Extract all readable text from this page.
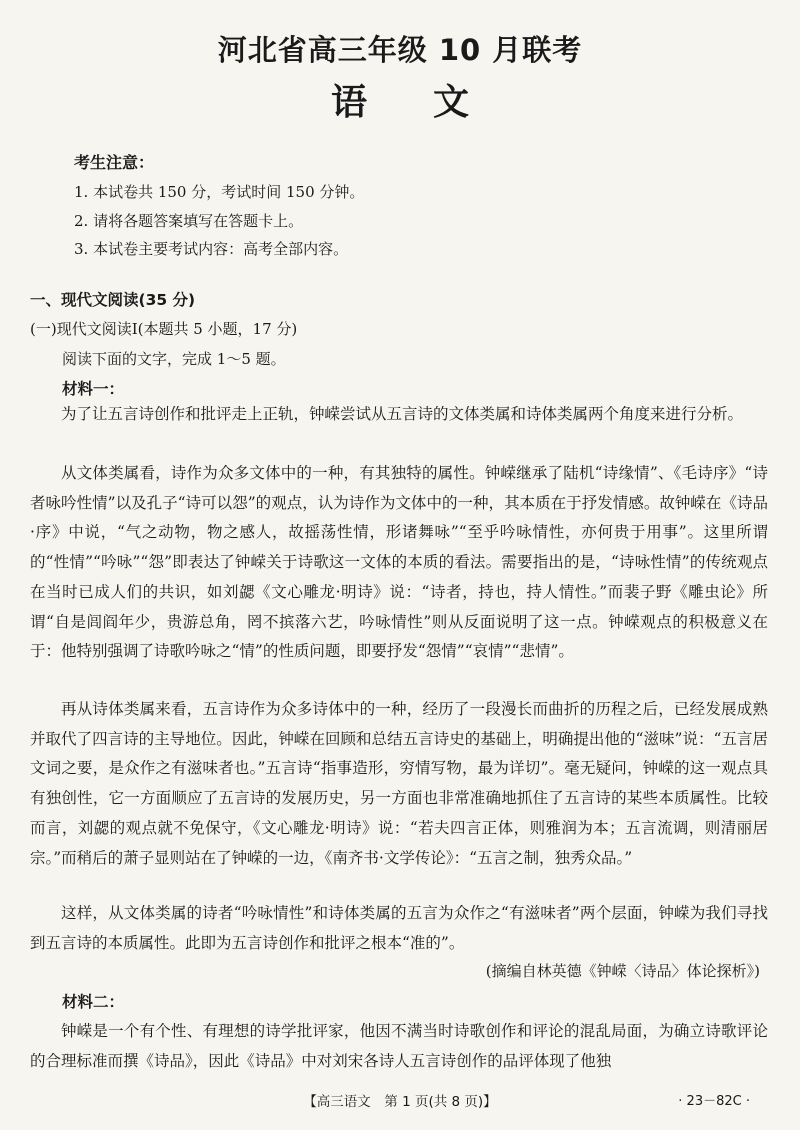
河北省高三年级 10 月联考
语文
考生注意：
1. 本试卷共 150 分，考试时间 150 分钟。
2. 请将各题答案填写在答题卡上。
3. 本试卷主要考试内容：高考全部内容。
一、现代文阅读(35 分)
(一)现代文阅读Ⅰ(本题共 5 小题，17 分)
阅读下面的文字，完成 1～5 题。
材料一：

为了让五言诗创作和批评走上正轨，钟嵘尝试从五言诗的文体类属和诗体类属两个角度来进行分析。

从文体类属看，诗作为众多文体中的一种，有其独特的属性。钟嵘继承了陆机“诗缘情”、《毛诗序》“诗者咏吟性情”以及孔子“诗可以怨”的观点，认为诗作为文体中的一种，其本质在于抒发情感。故钟嵘在《诗品·序》中说，“气之动物，物之感人，故摇荡性情，形诸舞咏”“至乎吟咏情性，亦何贵于用事”。这里所谓的“性情”“吟咏”“怨”即表达了钟嵘关于诗歌这一文体的本质的看法。需要指出的是，“诗咏性情”的传统观点在当时已成人们的共识，如刘勰《文心雕龙·明诗》说：“诗者，持也，持人情性。”而裴子野《雕虫论》所谓“自是闾阎年少，贵游总角，罔不摈落六艺，吟咏情性”则从反面说明了这一点。钟嵘观点的积极意义在于：他特别强调了诗歌吟咏之“情”的性质问题，即要抒发“怨情”“哀情”“悲情”。

再从诗体类属来看，五言诗作为众多诗体中的一种，经历了一段漫长而曲折的历程之后，已经发展成熟并取代了四言诗的主导地位。因此，钟嵘在回顾和总结五言诗史的基础上，明确提出他的“滋味”说：“五言居文词之要，是众作之有滋味者也。”五言诗“指事造形，穷情写物，最为详切”。毫无疑问，钟嵘的这一观点具有独创性，它一方面顺应了五言诗的发展历史，另一方面也非常准确地抓住了五言诗的某些本质属性。比较而言，刘勰的观点就不免保守，《文心雕龙·明诗》说：“若夫四言正体，则雅润为本；五言流调，则清丽居宗。”而稍后的萧子显则站在了钟嵘的一边，《南齐书·文学传论》：“五言之制，独秀众品。”

这样，从文体类属的诗者“吟咏情性”和诗体类属的五言为众作之“有滋味者”两个层面，钟嵘为我们寻找到五言诗的本质属性。此即为五言诗创作和批评之根本“准的”。

(摘编自林英德《钟嵘〈诗品〉体论探析》)
材料二：

钟嵘是一个有个性、有理想的诗学批评家，他因不满当时诗歌创作和评论的混乱局面，为确立诗歌评论的合理标准而撰《诗品》，因此《诗品》中对刘宋各诗人五言诗创作的品评体现了他独

【高三语文　第 1 页(共 8 页)】	· 23－82C ·
